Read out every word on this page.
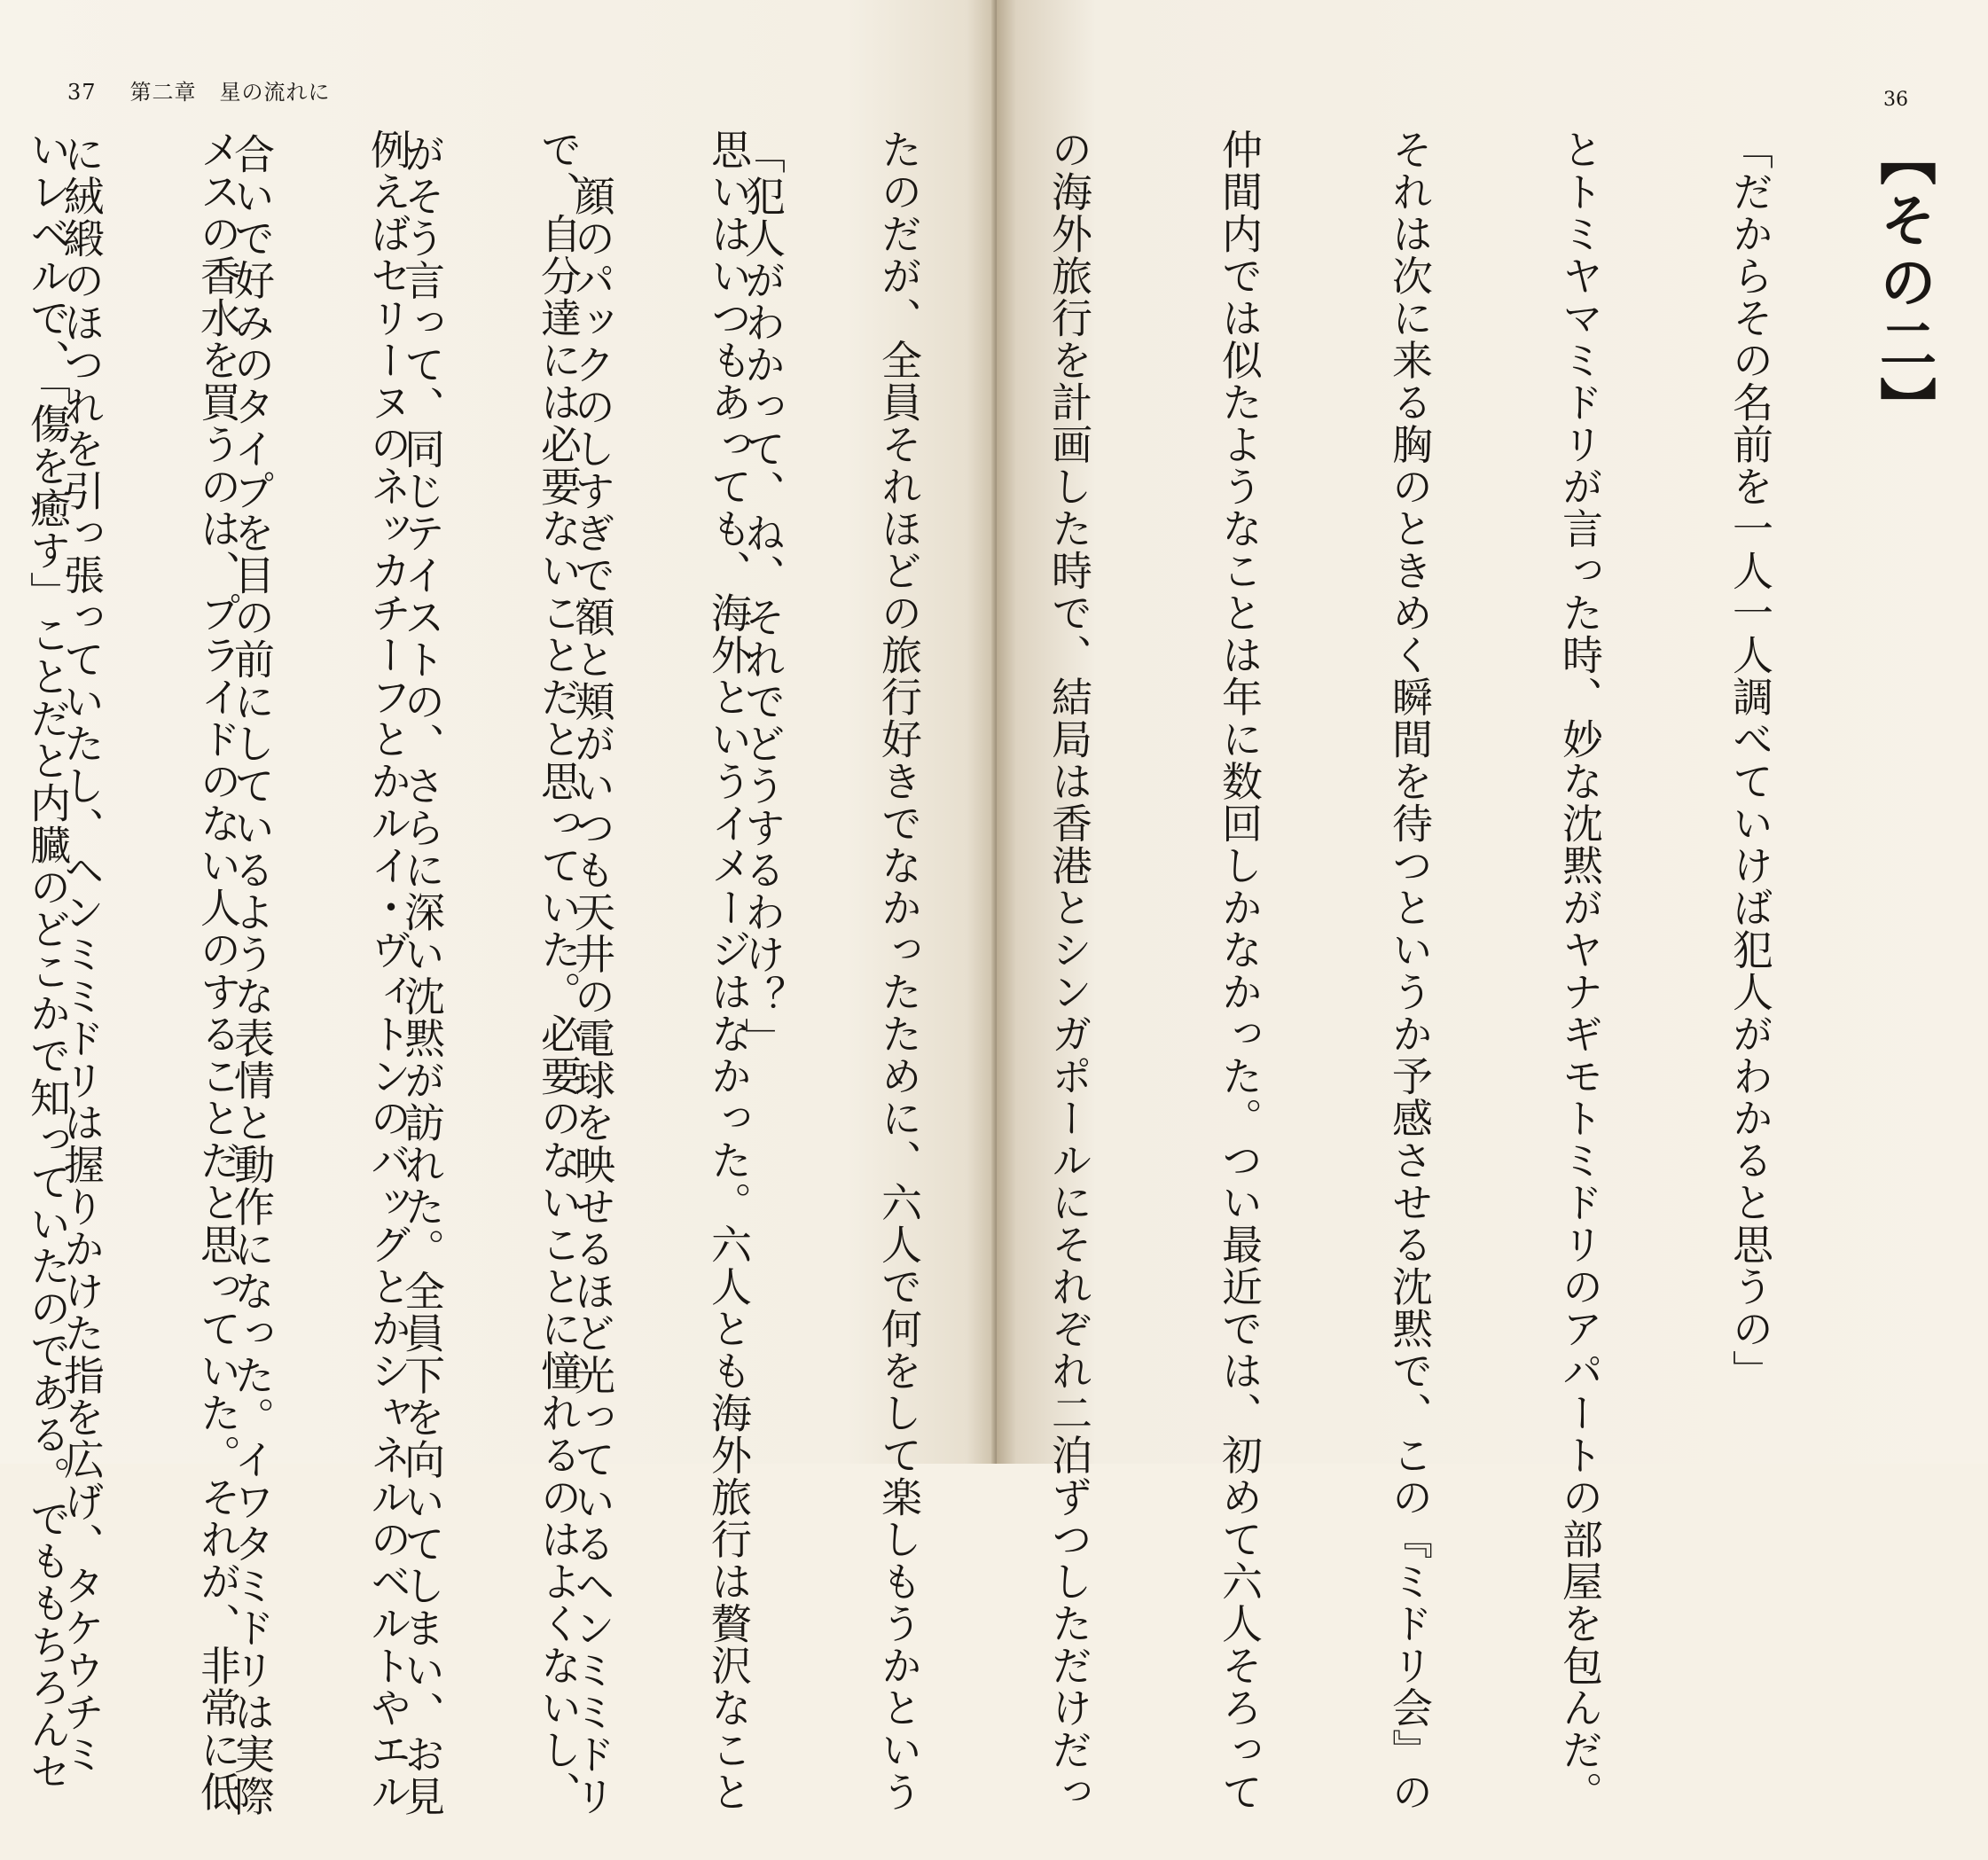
37 第二章 星の流れに

「犯人がわかって、ね、それでどうするわけ？」

　顔のパックのしすぎで額と頬がいつも天井の電球を映せるほど光っているヘンミミドリ

がそう言って、同じテイストの、さらに深い沈黙が訪れた。全員下を向いてしまい、お見

合いで好みのタイプを目の前にしているような表情と動作になった。イワタミドリは実際

に絨緞のほつれを引っ張っていたし、ヘンミミドリは握りかけた指を広げ、タケウチミ

36
【その二】

「だからその名前を一人一人調べていけば犯人がわかると思うの」

とトミヤマミドリが言った時、妙な沈黙がヤナギモトミドリのアパートの部屋を包んだ。

それは次に来る胸のときめく瞬間を待つというか予感させる沈黙で、この『ミドリ会』の

仲間内では似たようなことは年に数回しかなかった。つい最近では、初めて六人そろって

の海外旅行を計画した時で、結局は香港とシンガポールにそれぞれ二泊ずつしただけだっ

たのだが、全員それほどの旅行好きでなかったために、六人で何をして楽しもうかという

思いはいつもあっても、海外というイメージはなかった。六人とも海外旅行は贅沢なこと

で、自分達には必要ないことだと思っていた。必要のないことに憧れるのはよくないし、

例えばセリーヌのネッカチーフとかルイ・ヴィトンのバッグとかシャネルのベルトやエル

メスの香水を買うのは、プライドのない人のすることだと思っていた。それが、非常に低

いレベルで、「傷を癒す」ことだと内臓のどこかで知っていたのである。でももちろんセ
